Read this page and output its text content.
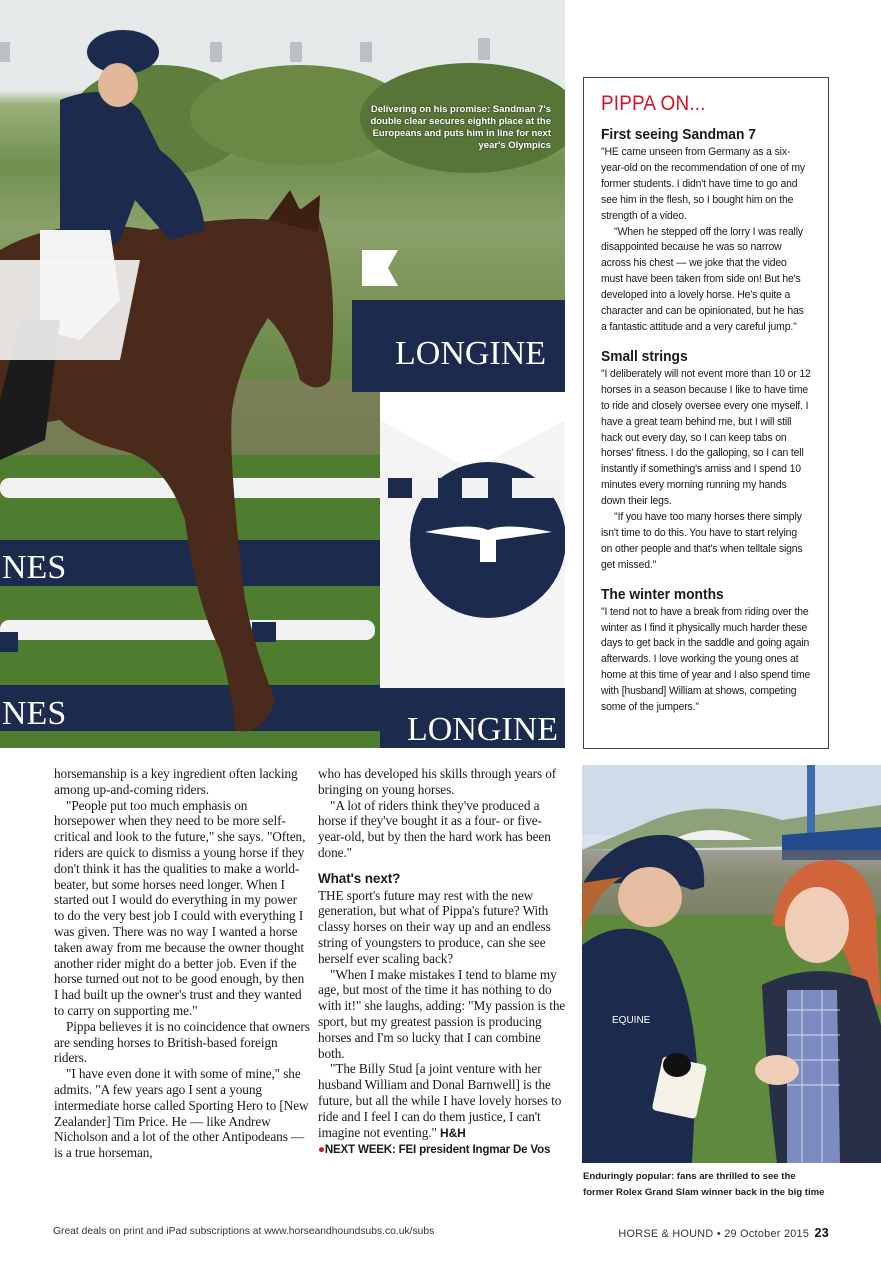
NES
NES
LONGINE
LONGINE
Delivering on his promise: Sandman 7's double clear secures eighth place at the Europeans and puts him in line for next year's Olympics
PIPPA ON...
First seeing Sandman 7

"HE came unseen from Germany as a six-year-old on the recommendation of one of my former students. I didn't have time to go and see him in the flesh, so I bought him on the strength of a video.

"When he stepped off the lorry I was really disappointed because he was so narrow across his chest — we joke that the video must have been taken from side on! But he's developed into a lovely horse. He's quite a character and can be opinionated, but he has a fantastic attitude and a very careful jump."

Small strings

"I deliberately will not event more than 10 or 12 horses in a season because I like to have time to ride and closely oversee every one myself. I have a great team behind me, but I will still hack out every day, so I can keep tabs on horses' fitness. I do the galloping, so I can tell instantly if something's amiss and I spend 10 minutes every morning running my hands down their legs.

"If you have too many horses there simply isn't time to do this. You have to start relying on other people and that's when telltale signs get missed."

The winter months

"I tend not to have a break from riding over the winter as I find it physically much harder these days to get back in the saddle and going again afterwards. I love working the young ones at home at this time of year and I also spend time with [husband] William at shows, competing some of the jumpers."

horsemanship is a key ingredient often lacking among up-and-coming riders.

"People put too much emphasis on horsepower when they need to be more self-critical and look to the future," she says. "Often, riders are quick to dismiss a young horse if they don't think it has the qualities to make a world-beater, but some horses need longer. When I started out I would do everything in my power to do the very best job I could with everything I was given. There was no way I wanted a horse taken away from me because the owner thought another rider might do a better job. Even if the horse turned out not to be good enough, by then I had built up the owner's trust and they wanted to carry on supporting me."

Pippa believes it is no coincidence that owners are sending horses to British-based foreign riders.

"I have even done it with some of mine," she admits. "A few years ago I sent a young intermediate horse called Sporting Hero to [New Zealander] Tim Price. He — like Andrew Nicholson and a lot of the other Antipodeans — is a true horseman,

who has developed his skills through years of bringing on young horses.

"A lot of riders think they've produced a horse if they've bought it as a four- or five-year-old, but by then the hard work has been done."

What's next?

THE sport's future may rest with the new generation, but what of Pippa's future? With classy horses on their way up and an endless string of youngsters to produce, can she see herself ever scaling back?

"When I make mistakes I tend to blame my age, but most of the time it has nothing to do with it!" she laughs, adding: "My passion is the sport, but my greatest passion is producing horses and I'm so lucky that I can combine both.

"The Billy Stud [a joint venture with her husband William and Donal Barnwell] is the future, but all the while I have lovely horses to ride and I feel I can do them justice, I can't imagine not eventing." H&H

●NEXT WEEK: FEI president Ingmar De Vos
EQUINE
Enduringly popular: fans are thrilled to see the
former Rolex Grand Slam winner back in the big time
Great deals on print and iPad subscriptions at www.horseandhoundsubs.co.uk/subs	HORSE & HOUND • 29 October 2015 23
